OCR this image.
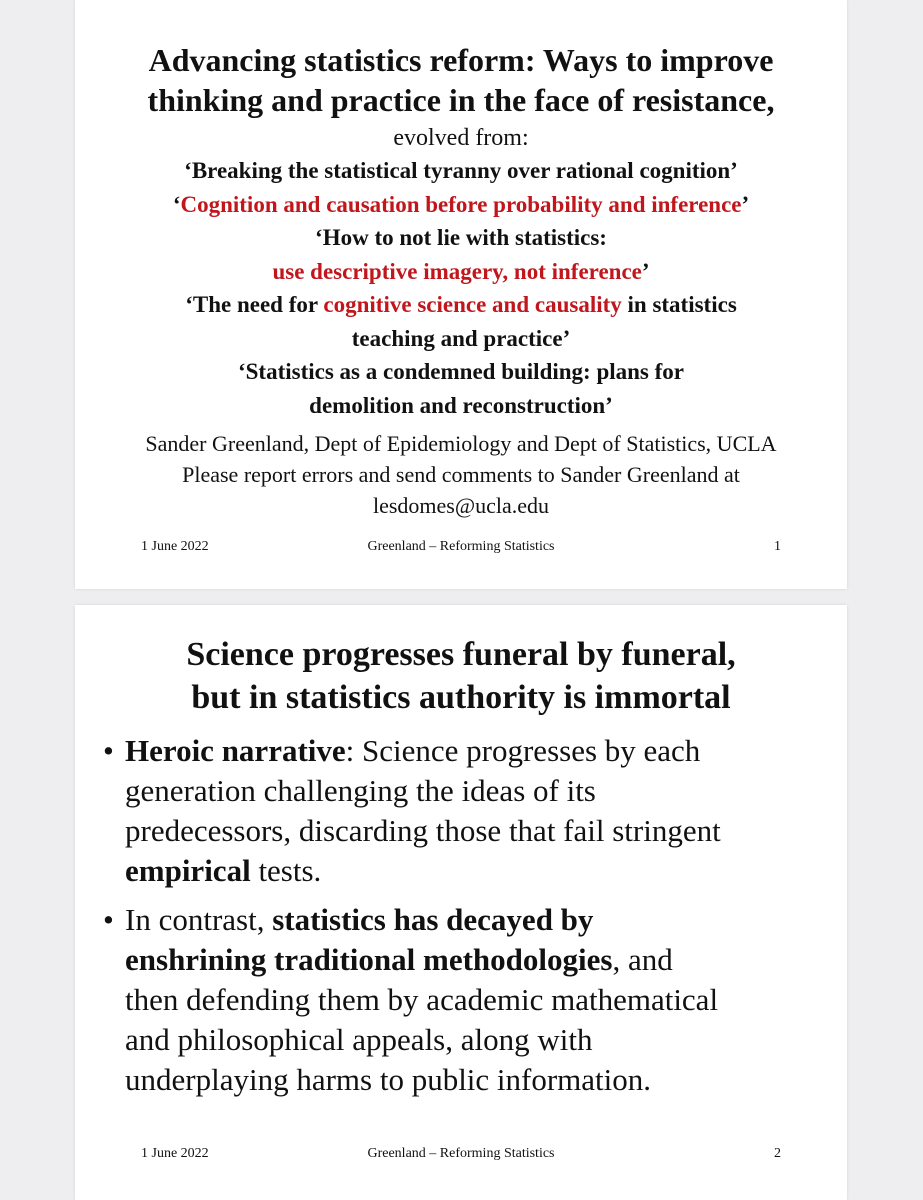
Advancing statistics reform: Ways to improve
thinking and practice in the face of resistance,
evolved from:
‘Breaking the statistical tyranny over rational cognition’
‘Cognition and causation before probability and inference’
‘How to not lie with statistics:
use descriptive imagery, not inference’
‘The need for cognitive science and causality in statistics
teaching and practice’
‘Statistics as a condemned building: plans for
demolition and reconstruction’
Sander Greenland, Dept of Epidemiology and Dept of Statistics, UCLA
Please report errors and send comments to Sander Greenland at
lesdomes@ucla.edu
1 June 2022	Greenland – Reforming Statistics	1
Science progresses funeral by funeral,
but in statistics authority is immortal
• Heroic narrative: Science progresses by each
generation challenging the ideas of its
predecessors, discarding those that fail stringent
empirical tests.
• In contrast, statistics has decayed by
enshrining traditional methodologies, and
then defending them by academic mathematical
and philosophical appeals, along with
underplaying harms to public information.
1 June 2022	Greenland – Reforming Statistics	2
